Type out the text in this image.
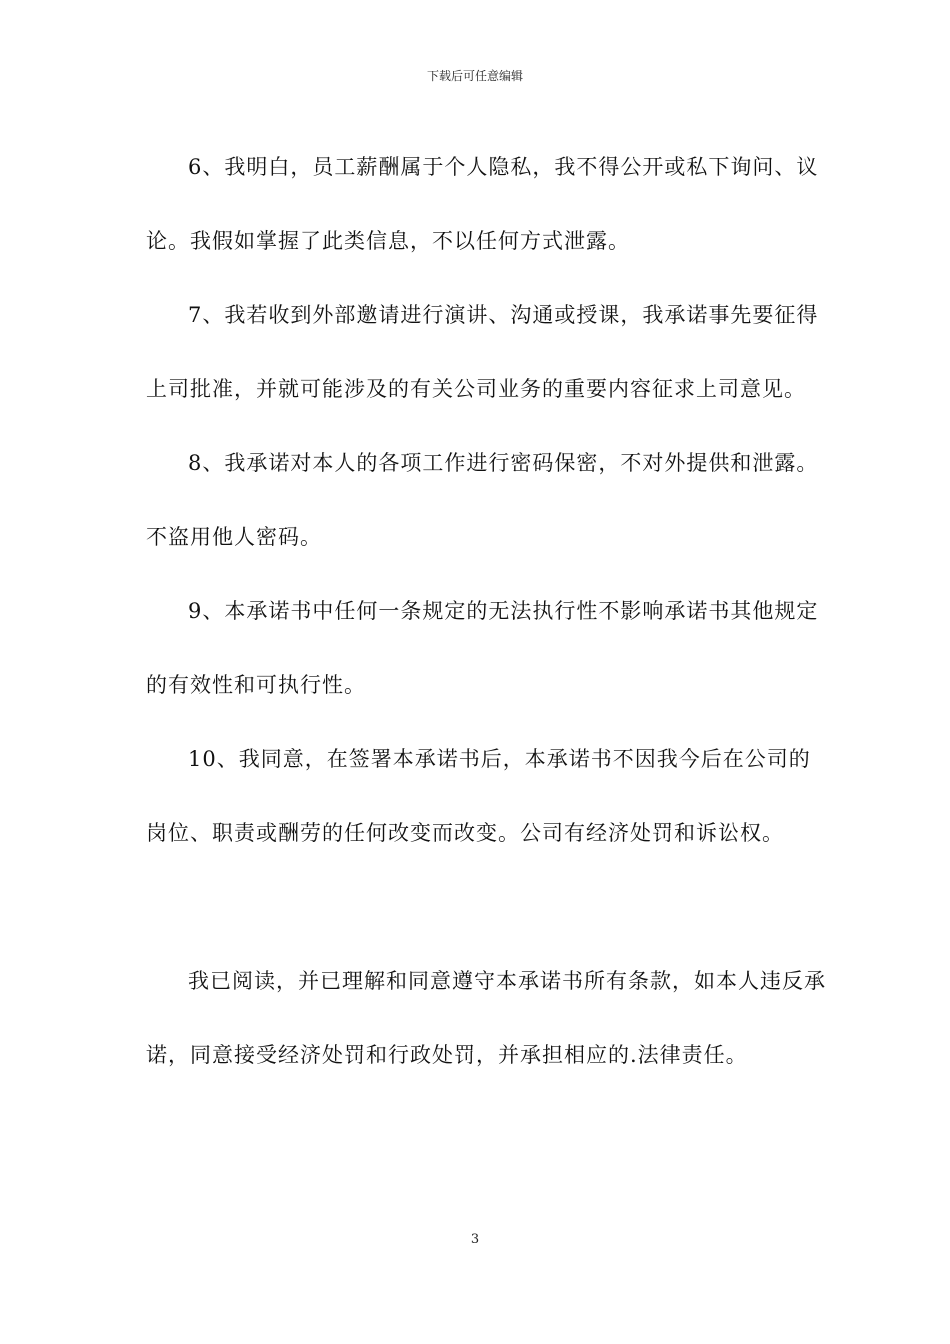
下载后可任意编辑

6、我明白，员工薪酬属于个人隐私，我不得公开或私下询问、议论。我假如掌握了此类信息，不以任何方式泄露。

7、我若收到外部邀请进行演讲、沟通或授课，我承诺事先要征得上司批准，并就可能涉及的有关公司业务的重要内容征求上司意见。

8、我承诺对本人的各项工作进行密码保密，不对外提供和泄露。不盗用他人密码。

9、本承诺书中任何一条规定的无法执行性不影响承诺书其他规定的有效性和可执行性。

10、我同意，在签署本承诺书后，本承诺书不因我今后在公司的岗位、职责或酬劳的任何改变而改变。公司有经济处罚和诉讼权。

我已阅读，并已理解和同意遵守本承诺书所有条款，如本人违反承诺，同意接受经济处罚和行政处罚，并承担相应的.法律责任。

3
